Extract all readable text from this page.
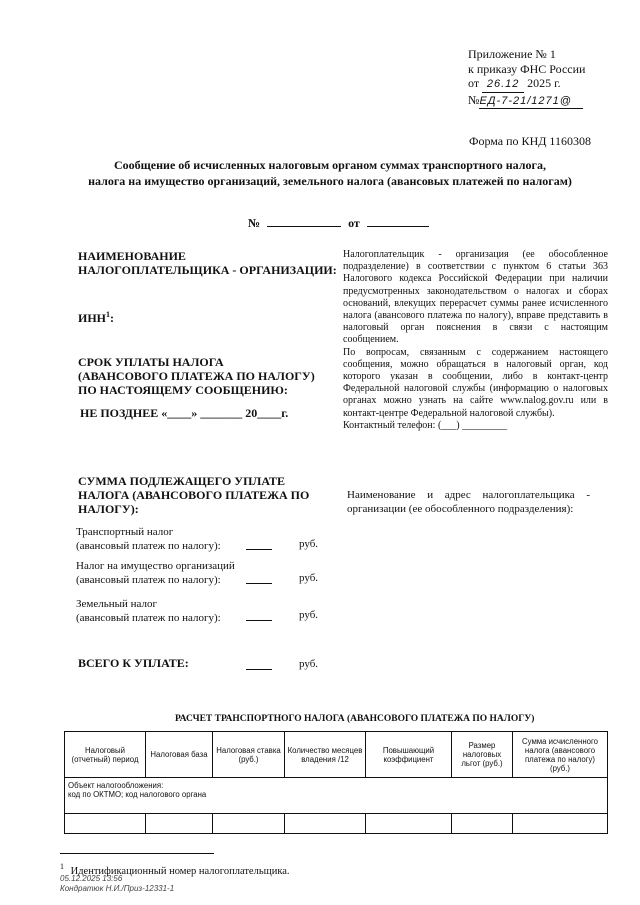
Приложение № 1
к приказу ФНС России
от 26.12 2025 г.
№ЕД-7-21/1271@
Форма по КНД 1160308
Сообщение об исчисленных налоговым органом суммах транспортного налога,
налога на имущество организаций, земельного налога (авансовых платежей по налогам)
№	от
НАИМЕНОВАНИЕ
НАЛОГОПЛАТЕЛЬЩИКА - ОРГАНИЗАЦИИ:
ИНН$^1$:
СРОК УПЛАТЫ НАЛОГА
(АВАНСОВОГО ПЛАТЕЖА ПО НАЛОГУ)
ПО НАСТОЯЩЕМУ СООБЩЕНИЮ:
НЕ ПОЗДНЕЕ «____» _______ 20____г.
СУММА ПОДЛЕЖАЩЕГО УПЛАТЕ
НАЛОГА (АВАНСОВОГО ПЛАТЕЖА ПО
НАЛОГУ):
Транспортный налог
(авансовый платеж по налогу):	руб.
Налог на имущество организаций
(авансовый платеж по налогу):	руб.
Земельный налог
(авансовый платеж по налогу):	руб.
ВСЕГО К УПЛАТЕ:	руб.
Налогоплательщик - организация (ее обособленное подразделение) в соответствии с пунктом 6 статьи 363 Налогового кодекса Российской Федерации при наличии предусмотренных законодательством о налогах и сборах оснований, влекущих перерасчет суммы ранее исчисленного налога (авансового платежа по налогу), вправе представить в налоговый орган пояснения в связи с настоящим сообщением.
По вопросам, связанным с содержанием настоящего сообщения, можно обращаться в налоговый орган, код которого указан в сообщении, либо в контакт-центр Федеральной налоговой службы (информацию о налоговых органах можно узнать на сайте www.nalog.gov.ru или в контакт-центре Федеральной налоговой службы).
Контактный телефон: (___) _________
Наименование и адрес налогоплательщика - организации (ее обособленного подразделения):
РАСЧЕТ ТРАНСПОРТНОГО НАЛОГА (АВАНСОВОГО ПЛАТЕЖА ПО НАЛОГУ)
Налоговый (отчетный) период	Налоговая база	Налоговая ставка (руб.)	Количество месяцев владения /12	Повышающий коэффициент	Размер налоговых льгот (руб.)	Сумма исчисленного налога (авансового платежа по налогу) (руб.)

Объект налогообложения:
код по ОКТМО; код налогового органа						

$^1$ Идентификационный номер налогоплательщика.
05.12.2025 13:56
Кондратюк Н.И./Приз-12331-1
